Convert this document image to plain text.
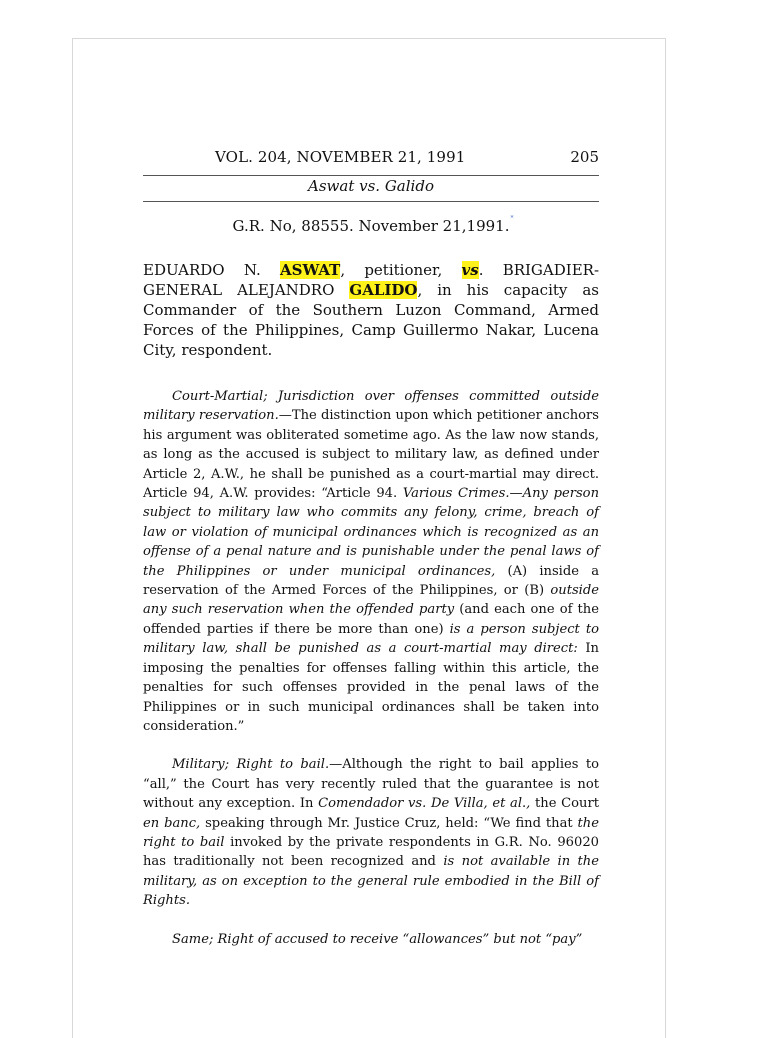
VOL. 204, NOVEMBER 21, 1991	205
Aswat vs. Galido
G.R. No, 88555. November 21,1991. *
EDUARDO N. ASWAT, petitioner, vs. BRIGADIER-GENERAL ALEJANDRO GALIDO, in his capacity as Commander of the Southern Luzon Command, Armed Forces of the Philippines, Camp Guillermo Nakar, Lucena City, respondent.

Court-Martial; Jurisdiction over offenses committed outside military reservation.—The distinction upon which petitioner anchors his argument was obliterated sometime ago. As the law now stands, as long as the accused is subject to military law, as defined under Article 2, A.W., he shall be punished as a court-martial may direct. Article 94, A.W. provides: “Article 94. Various Crimes.—Any person subject to military law who commits any felony, crime, breach of law or violation of municipal ordinances which is recognized as an offense of a penal nature and is punishable under the penal laws of the Philippines or under municipal ordinances, (A) inside a reservation of the Armed Forces of the Philippines, or (B) outside any such reservation when the offended party (and each one of the offended parties if there be more than one) is a person subject to military law, shall be punished as a court-martial may direct: In imposing the penalties for offenses falling within this article, the penalties for such offenses provided in the penal laws of the Philippines or in such municipal ordinances shall be taken into consideration.”

Military; Right to bail.—Although the right to bail applies to “all,” the Court has very recently ruled that the guarantee is not without any exception. In Comendador vs. De Villa, et al., the Court en banc, speaking through Mr. Justice Cruz, held: “We find that the right to bail invoked by the private respondents in G.R. No. 96020 has traditionally not been recognized and is not available in the military, as on exception to the general rule embodied in the Bill of Rights.

Same; Right of accused to receive “allowances” but not “pay”
